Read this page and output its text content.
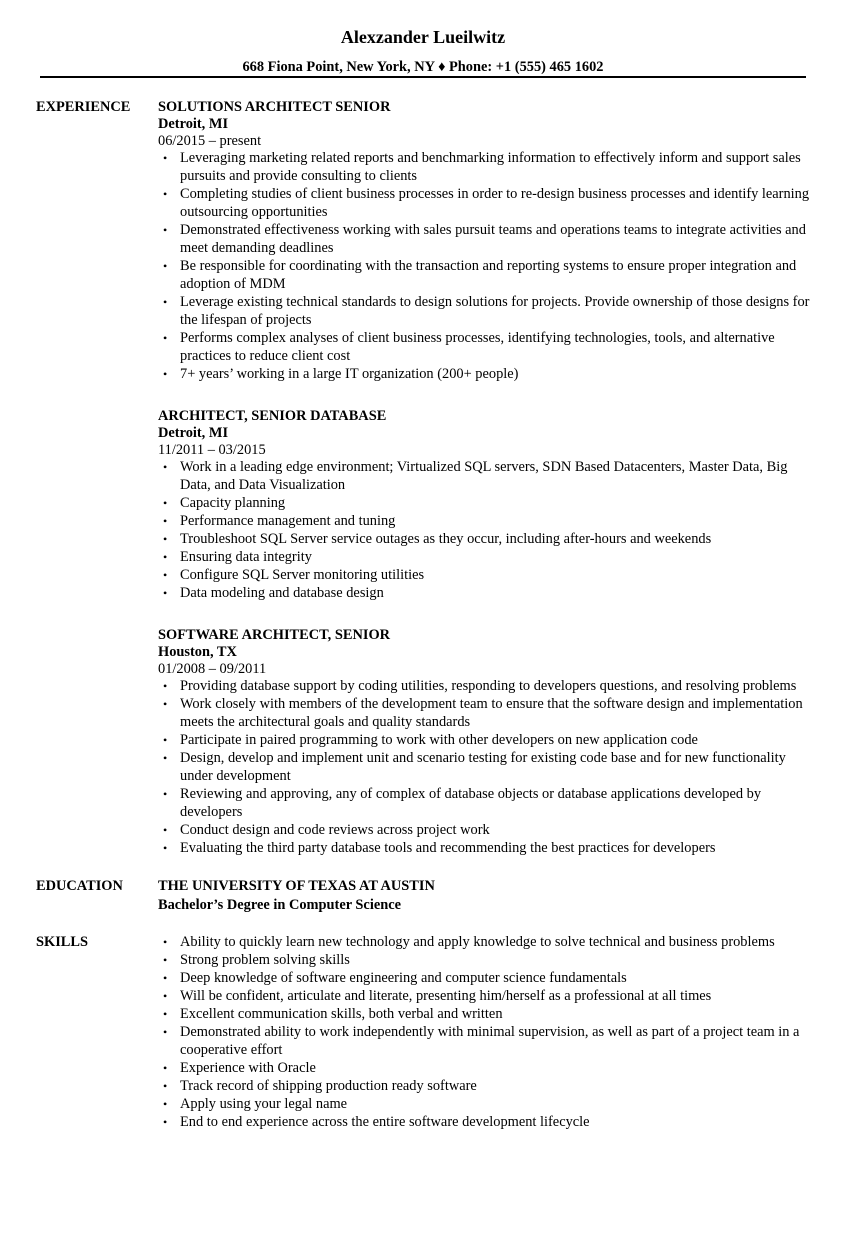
Alexzander Lueilwitz
668 Fiona Point, New York, NY ♦ Phone: +1 (555) 465 1602
EXPERIENCE	SOLUTIONS ARCHITECT SENIOR
Detroit, MI
06/2015 – present
• Leveraging marketing related reports and benchmarking information to effectively inform and support sales pursuits and provide consulting to clients
• Completing studies of client business processes in order to re-design business processes and identify learning outsourcing opportunities
• Demonstrated effectiveness working with sales pursuit teams and operations teams to integrate activities and meet demanding deadlines
• Be responsible for coordinating with the transaction and reporting systems to ensure proper integration and adoption of MDM
• Leverage existing technical standards to design solutions for projects. Provide ownership of those designs for the lifespan of projects
• Performs complex analyses of client business processes, identifying technologies, tools, and alternative practices to reduce client cost
• 7+ years’ working in a large IT organization (200+ people)
ARCHITECT, SENIOR DATABASE
Detroit, MI
11/2011 – 03/2015
• Work in a leading edge environment; Virtualized SQL servers, SDN Based Datacenters, Master Data, Big Data, and Data Visualization
• Capacity planning
• Performance management and tuning
• Troubleshoot SQL Server service outages as they occur, including after-hours and weekends
• Ensuring data integrity
• Configure SQL Server monitoring utilities
• Data modeling and database design
SOFTWARE ARCHITECT, SENIOR
Houston, TX
01/2008 – 09/2011
• Providing database support by coding utilities, responding to developers questions, and resolving problems
• Work closely with members of the development team to ensure that the software design and implementation meets the architectural goals and quality standards
• Participate in paired programming to work with other developers on new application code
• Design, develop and implement unit and scenario testing for existing code base and for new functionality under development
• Reviewing and approving, any of complex of database objects or database applications developed by developers
• Conduct design and code reviews across project work
• Evaluating the third party database tools and recommending the best practices for developers
EDUCATION	THE UNIVERSITY OF TEXAS AT AUSTIN
Bachelor’s Degree in Computer Science
SKILLS	• Ability to quickly learn new technology and apply knowledge to solve technical and business problems
• Strong problem solving skills
• Deep knowledge of software engineering and computer science fundamentals
• Will be confident, articulate and literate, presenting him/herself as a professional at all times
• Excellent communication skills, both verbal and written
• Demonstrated ability to work independently with minimal supervision, as well as part of a project team in a cooperative effort
• Experience with Oracle
• Track record of shipping production ready software
• Apply using your legal name
• End to end experience across the entire software development lifecycle
